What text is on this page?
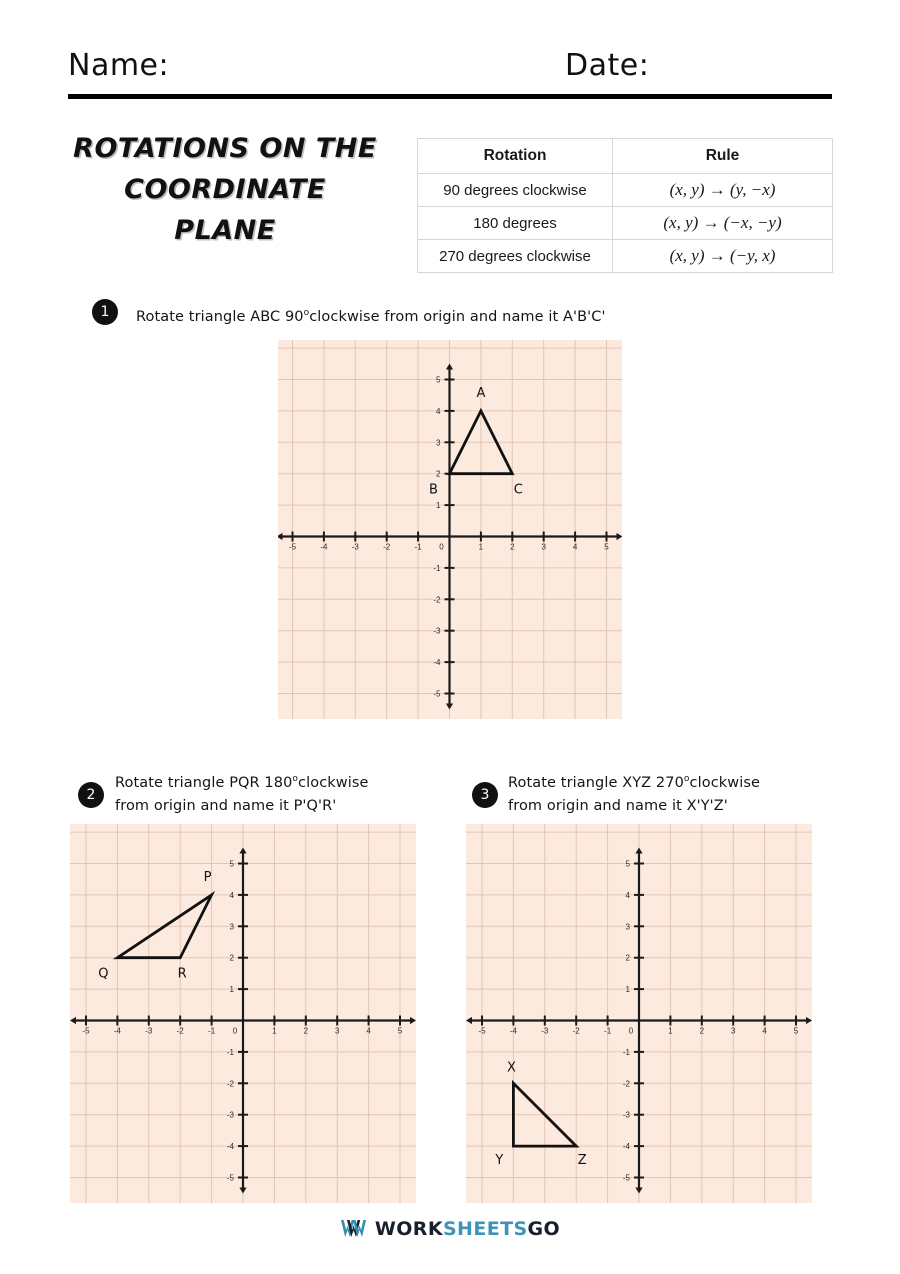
Name:	Date:
ROTATIONS ON THE
COORDINATE
PLANE
Rotation	Rule
90 degrees clockwise	(x, y) → (y, −x)
180 degrees	(x, y) → (−x, −y)
270 degrees clockwise	(x, y) → (−y, x)
1	Rotate triangle ABC 90$^o$clockwise from origin and name it A'B'C'
-5	-4	-3	-2	-1 0	1	2	3	4	5
-5
-4
-3
-2
-1
1
2
3
4
5
A
B	C
2
Rotate triangle PQR 180$^o$clockwise
from origin and name it P'Q'R'
-5	-4	-3	-2	-1 0	1	2	3	4	5
-5
-4
-3
-2
-1
1
2
3
4
5
P
Q	R
3
Rotate triangle XYZ 270$^o$clockwise
from origin and name it X'Y'Z'
-5	-4	-3	-2	-1 0	1	2	3	4	5
-5
-4
-3
-2
-1
1
2
3
4
5
X
Y	Z
WORKSHEETSGO
